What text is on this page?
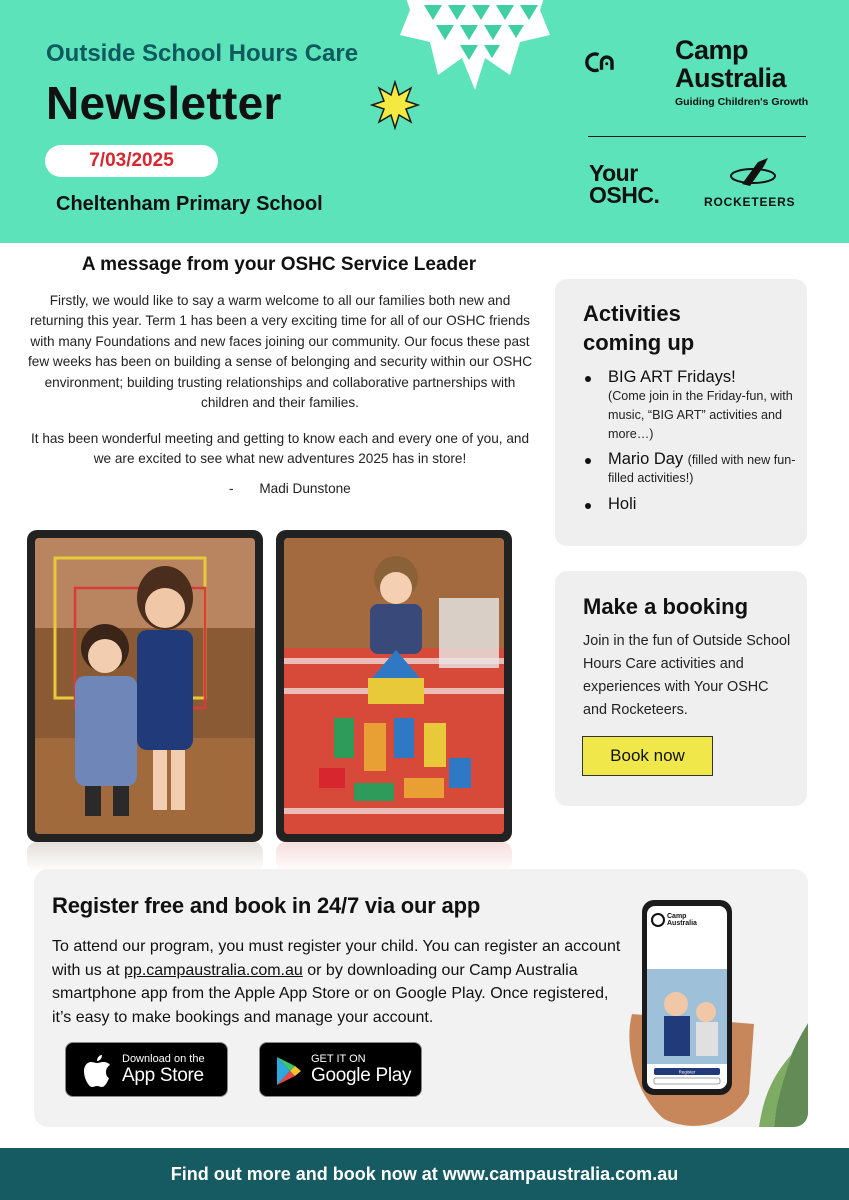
Outside School Hours Care
Newsletter
7/03/2025
Cheltenham Primary School
Camp
Australia
Guiding Children's Growth
Your
OSHC.	ROCKETEERS
A message from your OSHC Service Leader

Firstly, we would like to say a warm welcome to all our families both new and returning this year. Term 1 has been a very exciting time for all of our OSHC friends with many Foundations and new faces joining our community. Our focus these past few weeks has been on building a sense of belonging and security within our OSHC environment; building trusting relationships and collaborative partnerships with children and their families.

It has been wonderful meeting and getting to know each and every one of you, and we are excited to see what new adventures 2025 has in store!

- Madi Dunstone
Activities
coming up
BIG ART Fridays!
(Come join in the Friday-fun, with music, “BIG ART” activities and more…)
Mario Day (filled with new fun-filled activities!)
Holi
Make a booking
Join in the fun of Outside School Hours Care activities and experiences with Your OSHC and Rocketeers.
Book now
Register free and book in 24/7 via our app
To attend our program, you must register your child. You can register an account with us at pp.campaustralia.com.au or by downloading our Camp Australia smartphone app from the Apple App Store or on Google Play. Once registered, it’s easy to make bookings and manage your account.
Download on the
App Store
GET IT ON
Google Play
Camp
Australia
Register
Find out more and book now at www.campaustralia.com.au
